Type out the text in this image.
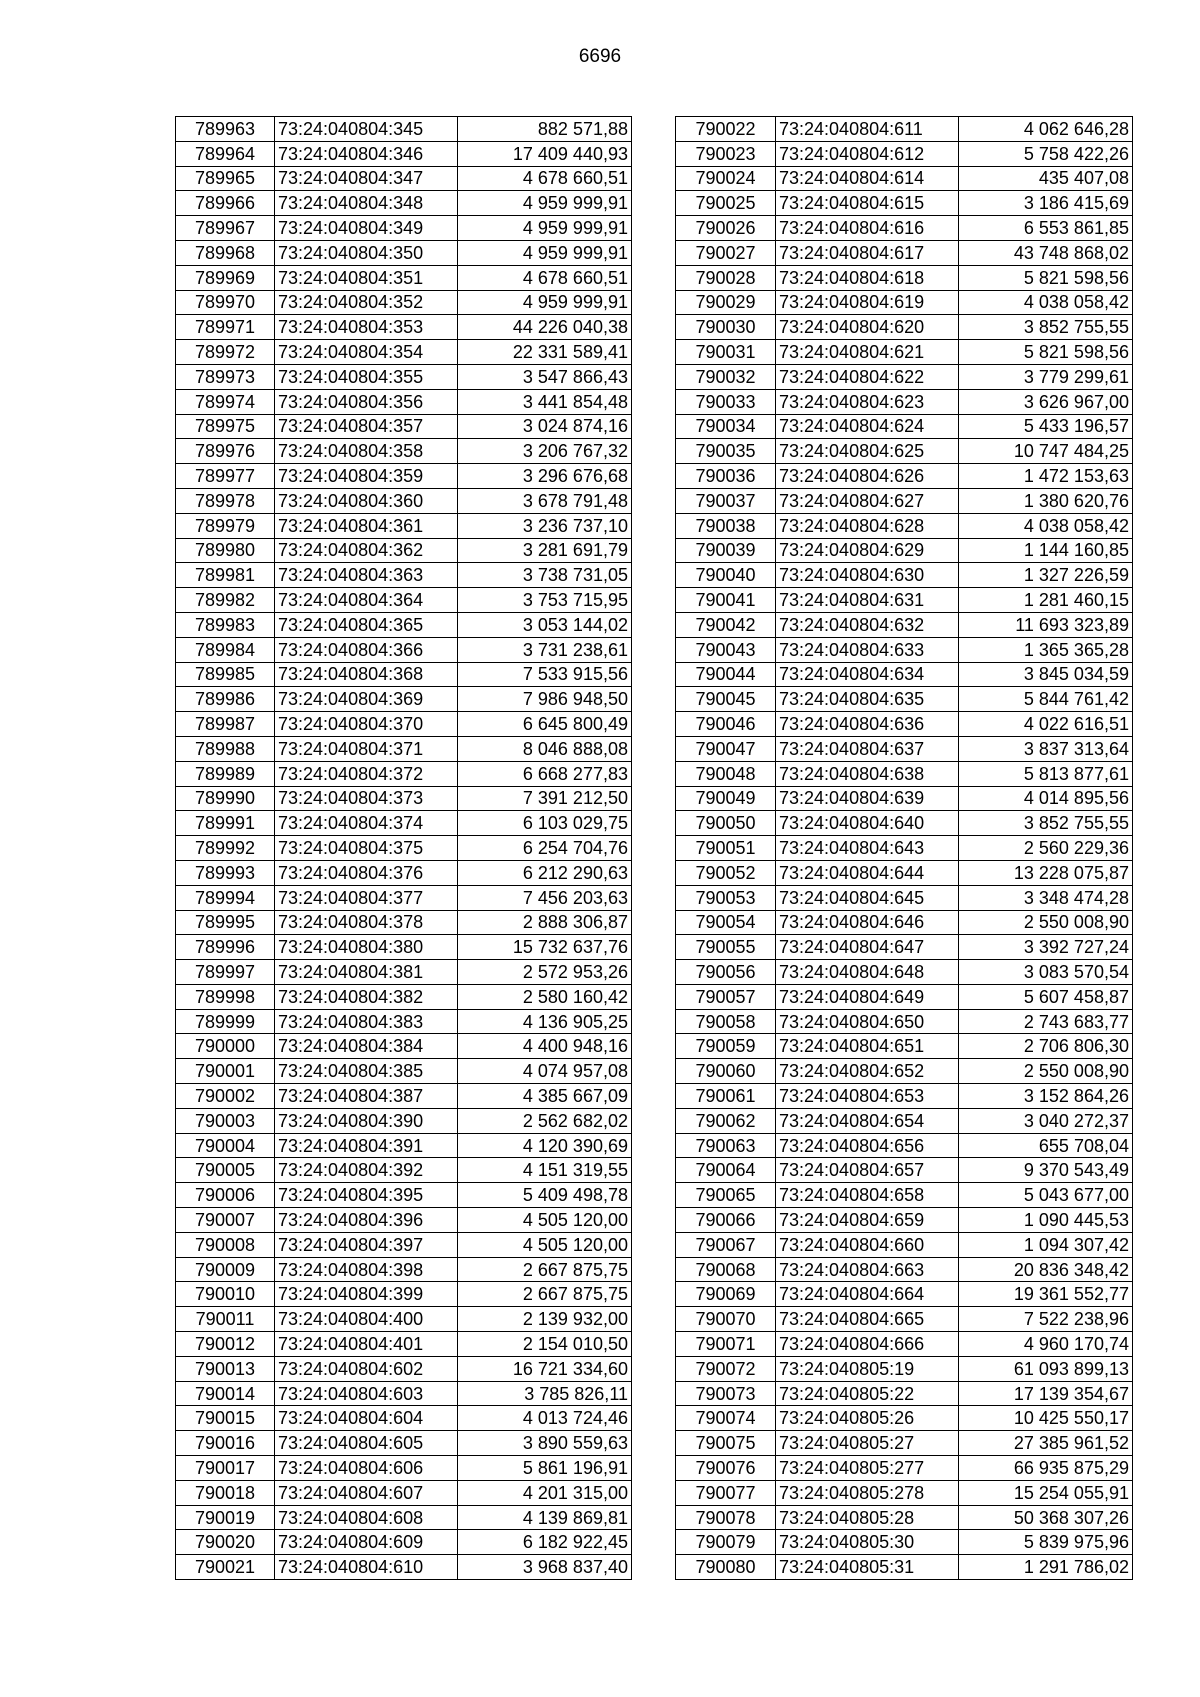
6696
789963	73:24:040804:345	882 571,88
789964	73:24:040804:346	17 409 440,93
789965	73:24:040804:347	4 678 660,51
789966	73:24:040804:348	4 959 999,91
789967	73:24:040804:349	4 959 999,91
789968	73:24:040804:350	4 959 999,91
789969	73:24:040804:351	4 678 660,51
789970	73:24:040804:352	4 959 999,91
789971	73:24:040804:353	44 226 040,38
789972	73:24:040804:354	22 331 589,41
789973	73:24:040804:355	3 547 866,43
789974	73:24:040804:356	3 441 854,48
789975	73:24:040804:357	3 024 874,16
789976	73:24:040804:358	3 206 767,32
789977	73:24:040804:359	3 296 676,68
789978	73:24:040804:360	3 678 791,48
789979	73:24:040804:361	3 236 737,10
789980	73:24:040804:362	3 281 691,79
789981	73:24:040804:363	3 738 731,05
789982	73:24:040804:364	3 753 715,95
789983	73:24:040804:365	3 053 144,02
789984	73:24:040804:366	3 731 238,61
789985	73:24:040804:368	7 533 915,56
789986	73:24:040804:369	7 986 948,50
789987	73:24:040804:370	6 645 800,49
789988	73:24:040804:371	8 046 888,08
789989	73:24:040804:372	6 668 277,83
789990	73:24:040804:373	7 391 212,50
789991	73:24:040804:374	6 103 029,75
789992	73:24:040804:375	6 254 704,76
789993	73:24:040804:376	6 212 290,63
789994	73:24:040804:377	7 456 203,63
789995	73:24:040804:378	2 888 306,87
789996	73:24:040804:380	15 732 637,76
789997	73:24:040804:381	2 572 953,26
789998	73:24:040804:382	2 580 160,42
789999	73:24:040804:383	4 136 905,25
790000	73:24:040804:384	4 400 948,16
790001	73:24:040804:385	4 074 957,08
790002	73:24:040804:387	4 385 667,09
790003	73:24:040804:390	2 562 682,02
790004	73:24:040804:391	4 120 390,69
790005	73:24:040804:392	4 151 319,55
790006	73:24:040804:395	5 409 498,78
790007	73:24:040804:396	4 505 120,00
790008	73:24:040804:397	4 505 120,00
790009	73:24:040804:398	2 667 875,75
790010	73:24:040804:399	2 667 875,75
790011	73:24:040804:400	2 139 932,00
790012	73:24:040804:401	2 154 010,50
790013	73:24:040804:602	16 721 334,60
790014	73:24:040804:603	3 785 826,11
790015	73:24:040804:604	4 013 724,46
790016	73:24:040804:605	3 890 559,63
790017	73:24:040804:606	5 861 196,91
790018	73:24:040804:607	4 201 315,00
790019	73:24:040804:608	4 139 869,81
790020	73:24:040804:609	6 182 922,45
790021	73:24:040804:610	3 968 837,40
790022	73:24:040804:611	4 062 646,28
790023	73:24:040804:612	5 758 422,26
790024	73:24:040804:614	435 407,08
790025	73:24:040804:615	3 186 415,69
790026	73:24:040804:616	6 553 861,85
790027	73:24:040804:617	43 748 868,02
790028	73:24:040804:618	5 821 598,56
790029	73:24:040804:619	4 038 058,42
790030	73:24:040804:620	3 852 755,55
790031	73:24:040804:621	5 821 598,56
790032	73:24:040804:622	3 779 299,61
790033	73:24:040804:623	3 626 967,00
790034	73:24:040804:624	5 433 196,57
790035	73:24:040804:625	10 747 484,25
790036	73:24:040804:626	1 472 153,63
790037	73:24:040804:627	1 380 620,76
790038	73:24:040804:628	4 038 058,42
790039	73:24:040804:629	1 144 160,85
790040	73:24:040804:630	1 327 226,59
790041	73:24:040804:631	1 281 460,15
790042	73:24:040804:632	11 693 323,89
790043	73:24:040804:633	1 365 365,28
790044	73:24:040804:634	3 845 034,59
790045	73:24:040804:635	5 844 761,42
790046	73:24:040804:636	4 022 616,51
790047	73:24:040804:637	3 837 313,64
790048	73:24:040804:638	5 813 877,61
790049	73:24:040804:639	4 014 895,56
790050	73:24:040804:640	3 852 755,55
790051	73:24:040804:643	2 560 229,36
790052	73:24:040804:644	13 228 075,87
790053	73:24:040804:645	3 348 474,28
790054	73:24:040804:646	2 550 008,90
790055	73:24:040804:647	3 392 727,24
790056	73:24:040804:648	3 083 570,54
790057	73:24:040804:649	5 607 458,87
790058	73:24:040804:650	2 743 683,77
790059	73:24:040804:651	2 706 806,30
790060	73:24:040804:652	2 550 008,90
790061	73:24:040804:653	3 152 864,26
790062	73:24:040804:654	3 040 272,37
790063	73:24:040804:656	655 708,04
790064	73:24:040804:657	9 370 543,49
790065	73:24:040804:658	5 043 677,00
790066	73:24:040804:659	1 090 445,53
790067	73:24:040804:660	1 094 307,42
790068	73:24:040804:663	20 836 348,42
790069	73:24:040804:664	19 361 552,77
790070	73:24:040804:665	7 522 238,96
790071	73:24:040804:666	4 960 170,74
790072	73:24:040805:19	61 093 899,13
790073	73:24:040805:22	17 139 354,67
790074	73:24:040805:26	10 425 550,17
790075	73:24:040805:27	27 385 961,52
790076	73:24:040805:277	66 935 875,29
790077	73:24:040805:278	15 254 055,91
790078	73:24:040805:28	50 368 307,26
790079	73:24:040805:30	5 839 975,96
790080	73:24:040805:31	1 291 786,02
